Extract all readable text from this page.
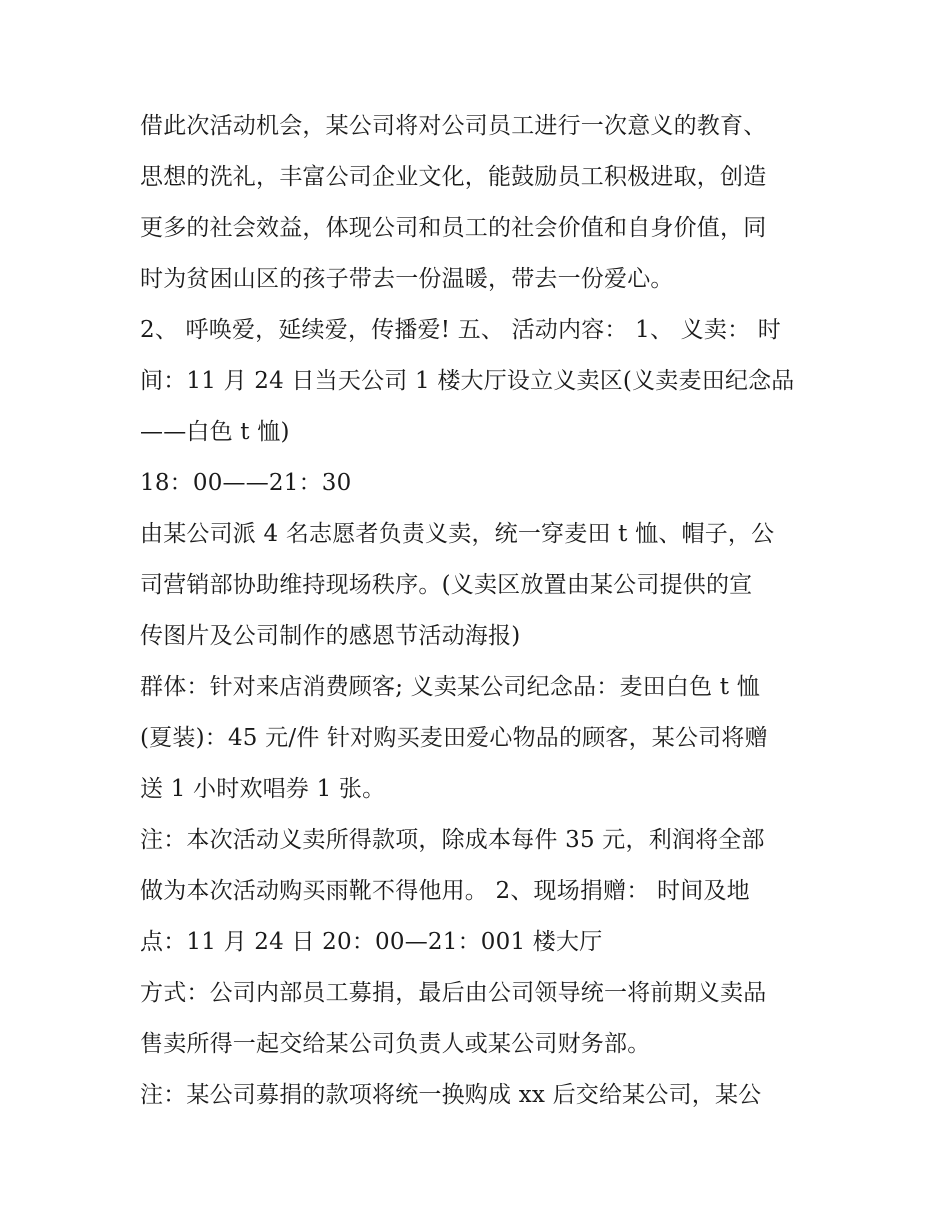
借此次活动机会，某公司将对公司员工进行一次意义的教育、
思想的洗礼，丰富公司企业文化，能鼓励员工积极进取，创造
更多的社会效益，体现公司和员工的社会价值和自身价值，同
时为贫困山区的孩子带去一份温暖，带去一份爱心。
2、 呼唤爱，延续爱，传播爱! 五、 活动内容： 1、 义卖： 时
间：11 月 24 日当天公司 1 楼大厅设立义卖区(义卖麦田纪念品
——白色 t 恤)
18：00——21：30
由某公司派 4 名志愿者负责义卖，统一穿麦田 t 恤、帽子，公
司营销部协助维持现场秩序。(义卖区放置由某公司提供的宣
传图片及公司制作的感恩节活动海报)
群体：针对来店消费顾客; 义卖某公司纪念品：麦田白色 t 恤
(夏装)：45 元/件 针对购买麦田爱心物品的顾客，某公司将赠
送 1 小时欢唱券 1 张。
注：本次活动义卖所得款项，除成本每件 35 元，利润将全部
做为本次活动购买雨靴不得他用。 2、现场捐赠： 时间及地
点：11 月 24 日 20：00—21：001 楼大厅
方式：公司内部员工募捐，最后由公司领导统一将前期义卖品
售卖所得一起交给某公司负责人或某公司财务部。
注：某公司募捐的款项将统一换购成 xx 后交给某公司，某公
